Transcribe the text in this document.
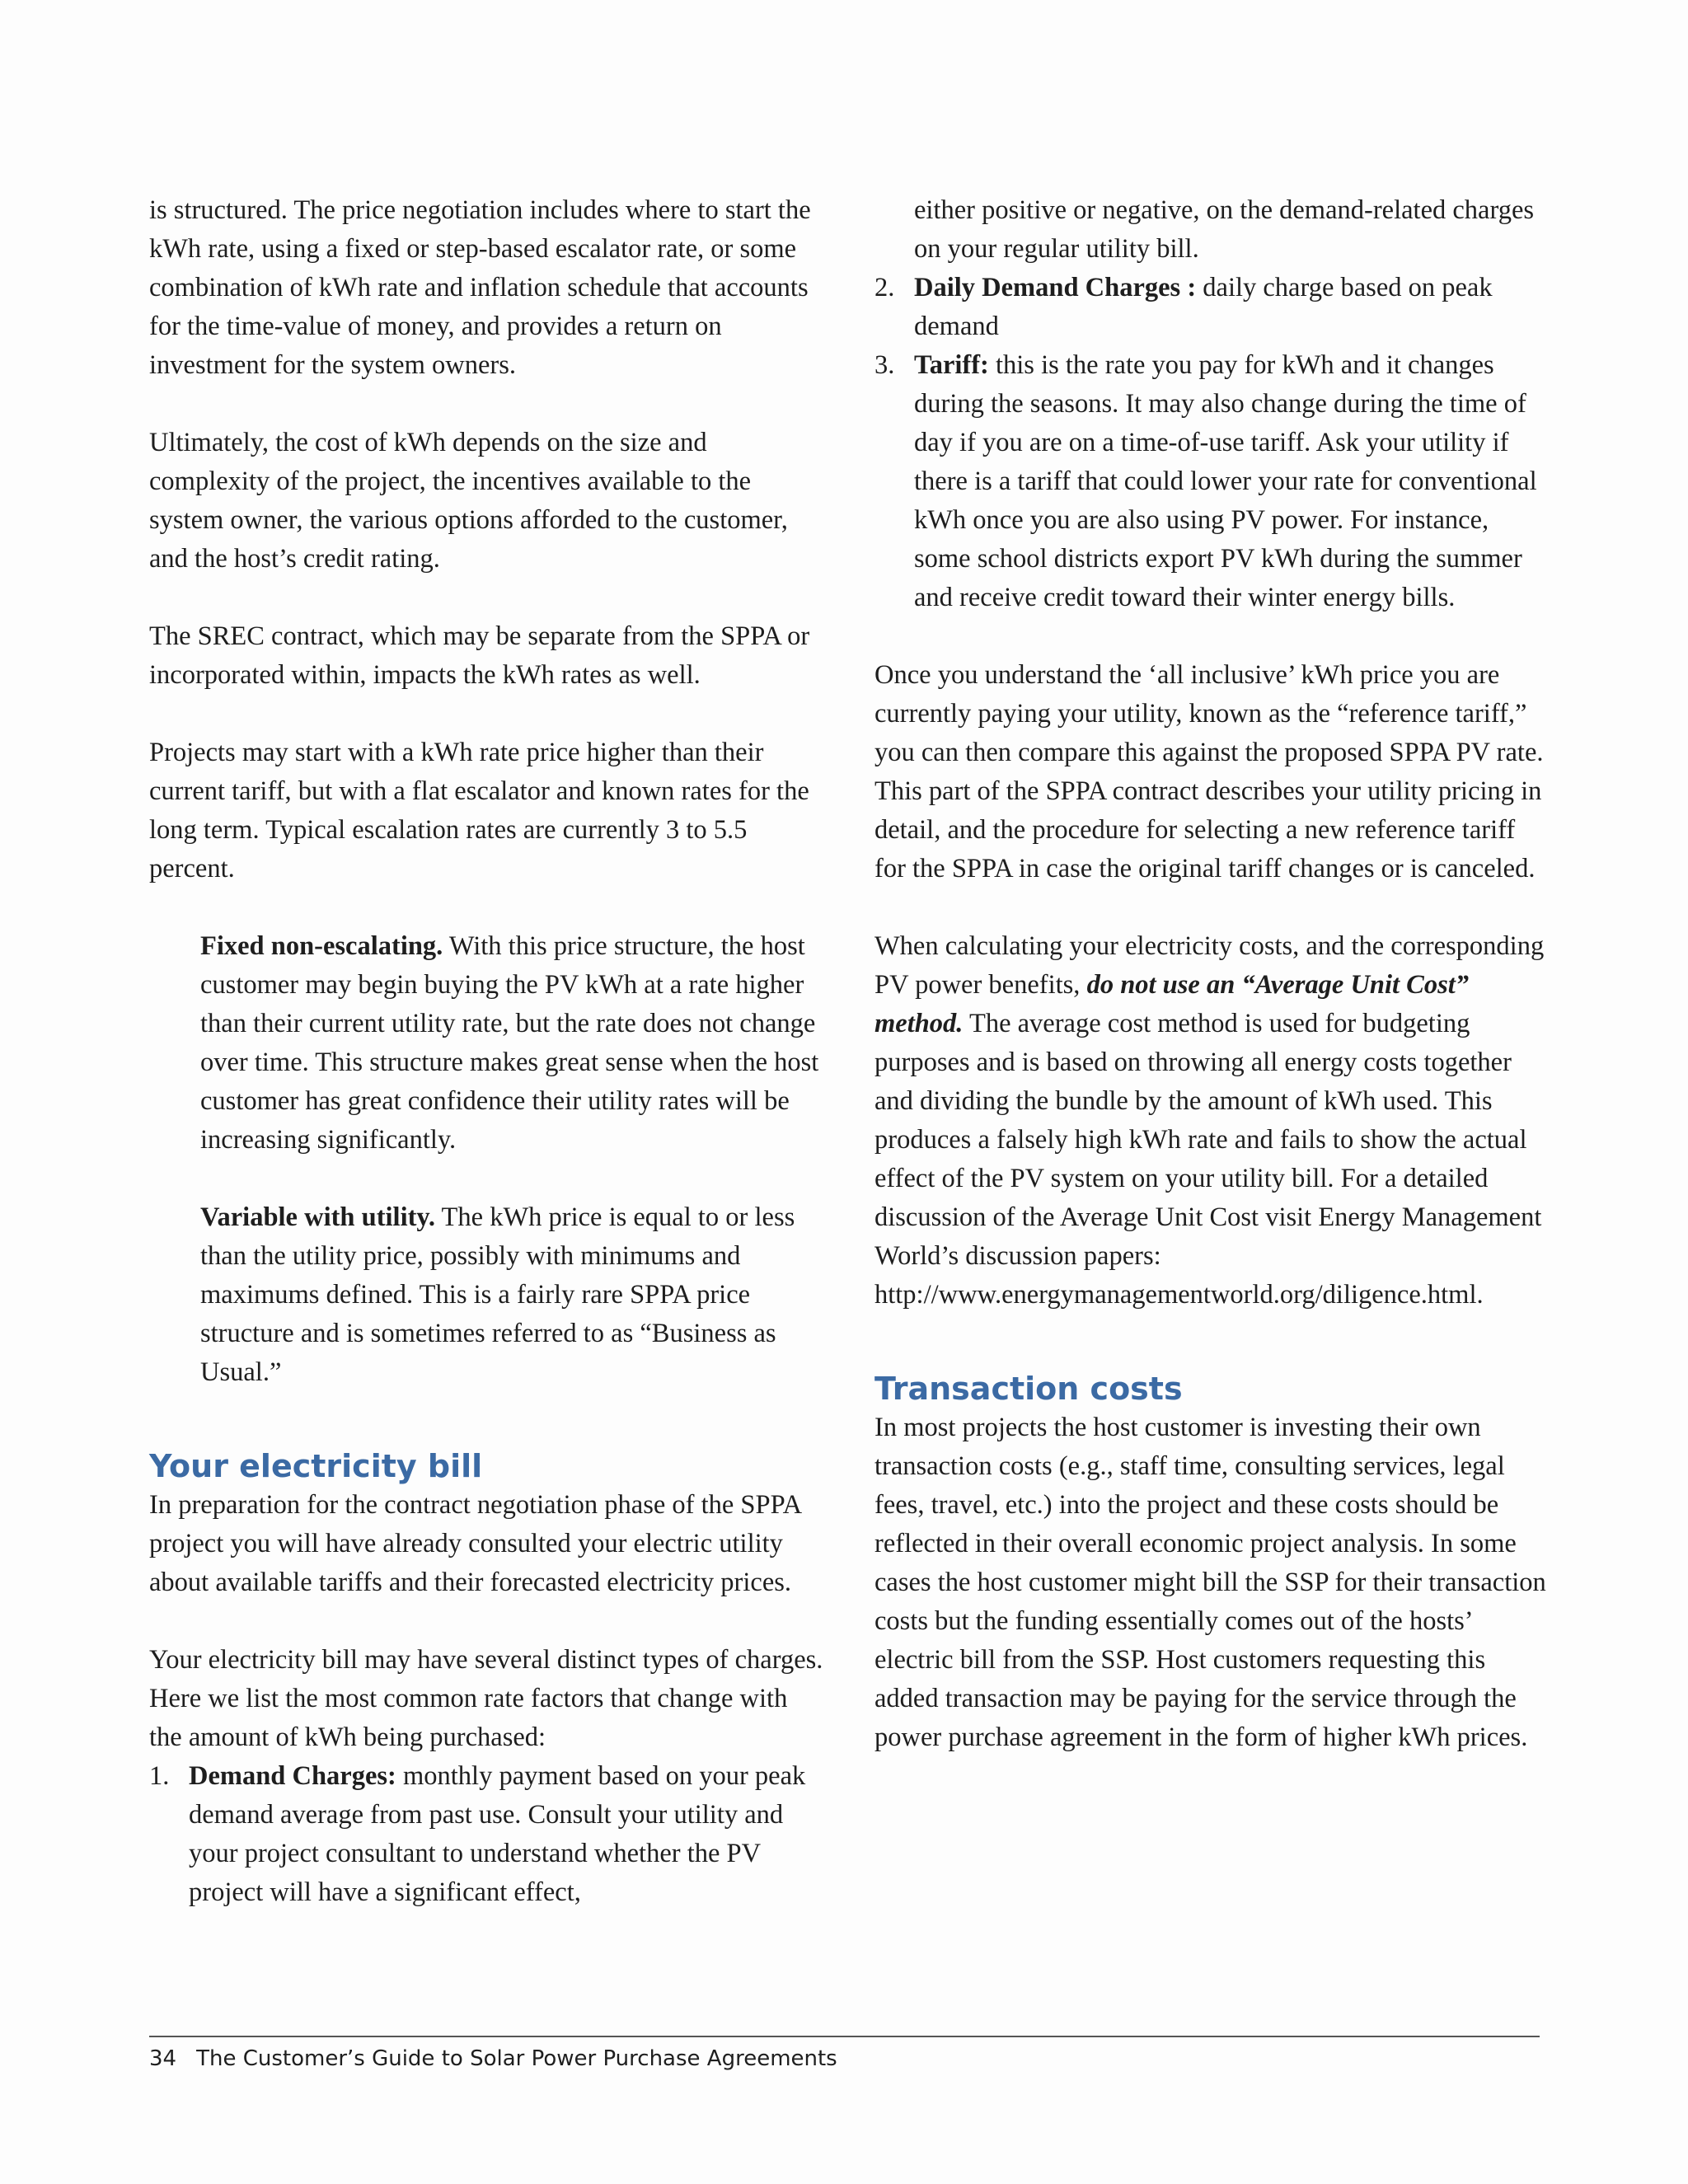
is structured. The price negotiation includes where to start the kWh rate, using a fixed or step-based escalator rate, or some combination of kWh rate and inflation schedule that accounts for the time-value of money, and provides a return on investment for the system owners.

Ultimately, the cost of kWh depends on the size and complexity of the project, the incentives available to the system owner, the various options afforded to the customer, and the host’s credit rating.

The SREC contract, which may be separate from the SPPA or incorporated within, impacts the kWh rates as well.

Projects may start with a kWh rate price higher than their current tariff, but with a flat escalator and known rates for the long term. Typical escalation rates are currently 3 to 5.5 percent.

Fixed non-escalating. With this price structure, the host customer may begin buying the PV kWh at a rate higher than their current utility rate, but the rate does not change over time. This structure makes great sense when the host customer has great confidence their utility rates will be increasing significantly.

Variable with utility. The kWh price is equal to or less than the utility price, possibly with minimums and maximums defined. This is a fairly rare SPPA price structure and is sometimes referred to as “Business as Usual.”

Your electricity bill

In preparation for the contract negotiation phase of the SPPA project you will have already consulted your electric utility about available tariffs and their forecasted electricity prices.

Your electricity bill may have several distinct types of charges. Here we list the most common rate factors that change with the amount of kWh being purchased:

1. Demand Charges: monthly payment based on your peak demand average from past use. Consult your utility and your project consultant to understand whether the PV project will have a significant effect,
either positive or negative, on the demand-related charges on your regular utility bill.
2. Daily Demand Charges : daily charge based on peak demand
3. Tariff: this is the rate you pay for kWh and it changes during the seasons. It may also change during the time of day if you are on a time-of-use tariff. Ask your utility if there is a tariff that could lower your rate for conventional kWh once you are also using PV power. For instance, some school districts export PV kWh during the summer and receive credit toward their winter energy bills.

Once you understand the ‘all inclusive’ kWh price you are currently paying your utility, known as the “reference tariff,” you can then compare this against the proposed SPPA PV rate. This part of the SPPA contract describes your utility pricing in detail, and the procedure for selecting a new reference tariff for the SPPA in case the original tariff changes or is canceled.

When calculating your electricity costs, and the corresponding PV power benefits, do not use an “Average Unit Cost” method. The average cost method is used for budgeting purposes and is based on throwing all energy costs together and dividing the bundle by the amount of kWh used. This produces a falsely high kWh rate and fails to show the actual effect of the PV system on your utility bill. For a detailed discussion of the Average Unit Cost visit Energy Management World’s discussion papers: http://www.energymanagementworld.org/diligence.html.

Transaction costs

In most projects the host customer is investing their own transaction costs (e.g., staff time, consulting services, legal fees, travel, etc.) into the project and these costs should be reflected in their overall economic project analysis. In some cases the host customer might bill the SSP for their transaction costs but the funding essentially comes out of the hosts’ electric bill from the SSP. Host customers requesting this added transaction may be paying for the service through the power purchase agreement in the form of higher kWh prices.

34 The Customer’s Guide to Solar Power Purchase Agreements
